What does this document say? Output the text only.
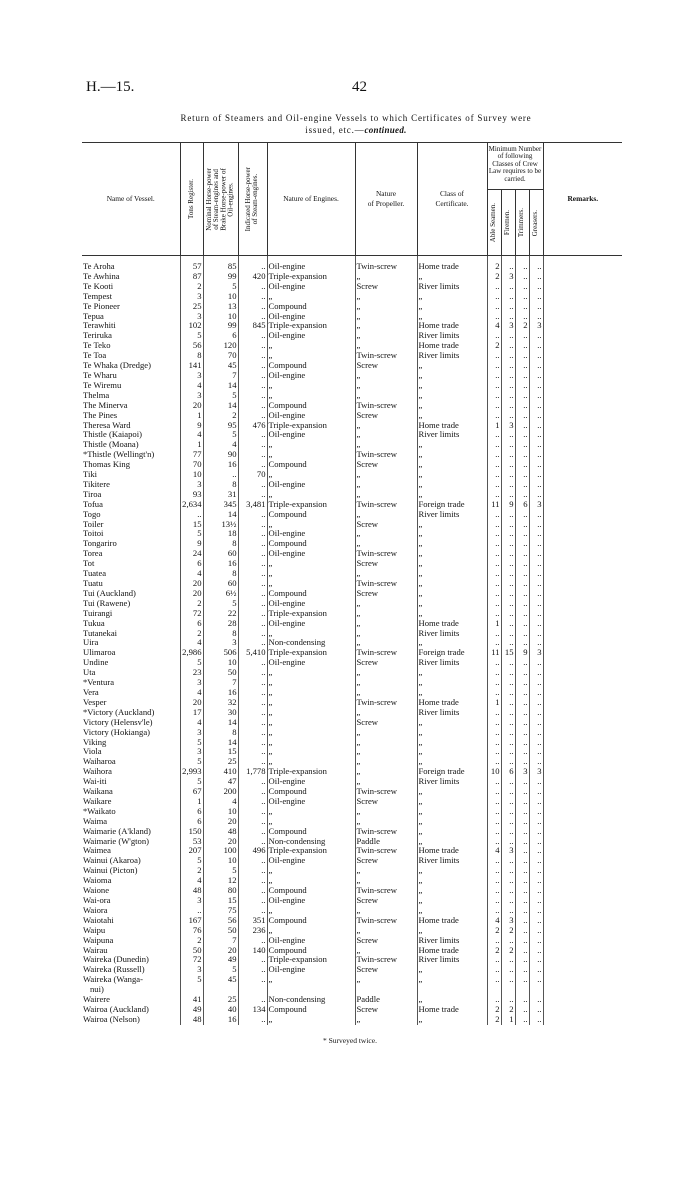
H.—15.	42
Return of Steamers and Oil-engine Vessels to which Certificates of Survey were
issued, etc.—continued.
Name of Vessel.	Tons Register.	Nominal Horse-power
of Steam-engines and
Brake Horse-power of
Oil-engines.	Indicated Horse-power
of Steam-engines.	Nature of Engines.	Nature
of Propeller.	Class of
Certificate.	Minimum Number of following Classes of Crew Law requires to be carried.				Remarks.

							Able Seamen.	Firemen.	Trimmers.	Greasers.	

Te Aroha	57	85	..	Oil-engine	Twin-screw	Home trade	2	..	..	..	
Te Awhina	87	99	420	Triple-expansion	„	„	2	3	..	..	
Te Kooti	2	5	..	Oil-engine	Screw	River limits	..	..	..	..	
Tempest	3	10	..	„	„	„	..	..	..	..	
Te Pioneer	25	13	..	Compound	„	„	..	..	..	..	
Tepua	3	10	..	Oil-engine	„	„	..	..	..	..	
Terawhiti	102	99	845	Triple-expansion	„	Home trade	4	3	2	3	
Teriruka	5	6	..	Oil-engine	„	River limits	..	..	..	..	
Te Teko	56	120	..	„	„	Home trade	2	..	..	..	
Te Toa	8	70	..	„	Twin-screw	River limits	..	..	..	..	
Te Whaka (Dredge)	141	45	..	Compound	Screw	„	..	..	..	..	
Te Wharu	3	7	..	Oil-engine	„	„	..	..	..	..	
Te Wiremu	4	14	..	„	„	„	..	..	..	..	
Thelma	3	5	..	„	„	„	..	..	..	..	
The Minerva	20	14	..	Compound	Twin-screw	„	..	..	..	..	
The Pines	1	2	..	Oil-engine	Screw	„	..	..	..	..	
Theresa Ward	9	95	476	Triple-expansion	„	Home trade	1	3	..	..	
Thistle (Kaiapoi)	4	5	..	Oil-engine	„	River limits	..	..	..	..	
Thistle (Moana)	1	4	..	„	„	„	..	..	..	..	
*Thistle (Wellingt'n)	77	90	..	„	Twin-screw	„	..	..	..	..	
Thomas King	70	16	..	Compound	Screw	„	..	..	..	..	
Tiki	10	..	70	„	„	„	..	..	..	..	
Tikitere	3	8	..	Oil-engine	„	„	..	..	..	..	
Tiroa	93	31	..	„	„	„	..	..	..	..	
Tofua	2,634	345	3,481	Triple-expansion	Twin-screw	Foreign trade	11	9	6	3	
Togo	..	14	..	Compound	„	River limits	..	..	..	..	
Toiler	15	13½	..	„	Screw	„	..	..	..	..	
Toitoi	5	18	..	Oil-engine	„	„	..	..	..	..	
Tongariro	9	8	..	Compound	„	„	..	..	..	..	
Torea	24	60	..	Oil-engine	Twin-screw	„	..	..	..	..	
Tot	6	16	..	„	Screw	„	..	..	..	..	
Tuatea	4	8	..	„	„	„	..	..	..	..	
Tuatu	20	60	..	„	Twin-screw	„	..	..	..	..	
Tui (Auckland)	20	6½	..	Compound	Screw	„	..	..	..	..	
Tui (Rawene)	2	5	..	Oil-engine	„	„	..	..	..	..	
Tuirangi	72	22	..	Triple-expansion	„	„	..	..	..	..	
Tukua	6	28	..	Oil-engine	„	Home trade	1	..	..	..	
Tutanekai	2	8	..	„	„	River limits	..	..	..	..	
Uira	4	3	..	Non-condensing	„	„	..	..	..	..	
Ulimaroa	2,986	506	5,410	Triple-expansion	Twin-screw	Foreign trade	11	15	9	3	
Undine	5	10	..	Oil-engine	Screw	River limits	..	..	..	..	
Uta	23	50	..	„	„	„	..	..	..	..	
*Ventura	3	7	..	„	„	„	..	..	..	..	
Vera	4	16	..	„	„	„	..	..	..	..	
Vesper	20	32	..	„	Twin-screw	Home trade	1	..	..	..	
*Victory (Auckland)	17	30	..	„	„	River limits	..	..	..	..	
Victory (Helensv'le)	4	14	..	„	Screw	„	..	..	..	..	
Victory (Hokianga)	3	8	..	„	„	„	..	..	..	..	
Viking	5	14	..	„	„	„	..	..	..	..	
Viola	3	15	..	„	„	„	..	..	..	..	
Waiharoa	5	25	..	„	„	„	..	..	..	..	
Waihora	2,993	410	1,778	Triple-expansion	„	Foreign trade	10	6	3	3	
Wai-iti	5	47	..	Oil-engine	„	River limits	..	..	..	..	
Waikana	67	200	..	Compound	Twin-screw	„	..	..	..	..	
Waikare	1	4	..	Oil-engine	Screw	„	..	..	..	..	
*Waikato	6	10	..	„	„	„	..	..	..	..	
Waima	6	20	..	„	„	„	..	..	..	..	
Waimarie (A'kland)	150	48	..	Compound	Twin-screw	„	..	..	..	..	
Waimarie (W'gton)	53	20	..	Non-condensing	Paddle	„	..	..	..	..	
Waimea	207	100	496	Triple-expansion	Twin-screw	Home trade	4	3	..	..	
Wainui (Akaroa)	5	10	..	Oil-engine	Screw	River limits	..	..	..	..	
Wainui (Picton)	2	5	..	„	„	„	..	..	..	..	
Waioma	4	12	..	„	„	„	..	..	..	..	
Waione	48	80	..	Compound	Twin-screw	„	..	..	..	..	
Wai-ora	3	15	..	Oil-engine	Screw	„	..	..	..	..	
Waiora	..	75	..	„	„	„	..	..	..	..	
Waiotahi	167	56	351	Compound	Twin-screw	Home trade	4	3	..	..	
Waipu	76	50	236	„	„	„	2	2	..	..	
Waipuna	2	7	..	Oil-engine	Screw	River limits	..	..	..	..	
Wairau	50	20	140	Compound	„	Home trade	2	2	..	..	
Waireka (Dunedin)	72	49	..	Triple-expansion	Twin-screw	River limits	..	..	..	..	
Waireka (Russell)	3	5	..	Oil-engine	Screw	„	..	..	..	..	
Waireka (Wanga-	5	45	..	„	„	„	..	..	..	..	
nui)											
Wairere	41	25	..	Non-condensing	Paddle	„	..	..	..	..	
Wairoa (Auckland)	49	40	134	Compound	Screw	Home trade	2	2	..	..	
Wairoa (Nelson)	48	16	..	„	„	„	2	1	..	..	
* Surveyed twice.
